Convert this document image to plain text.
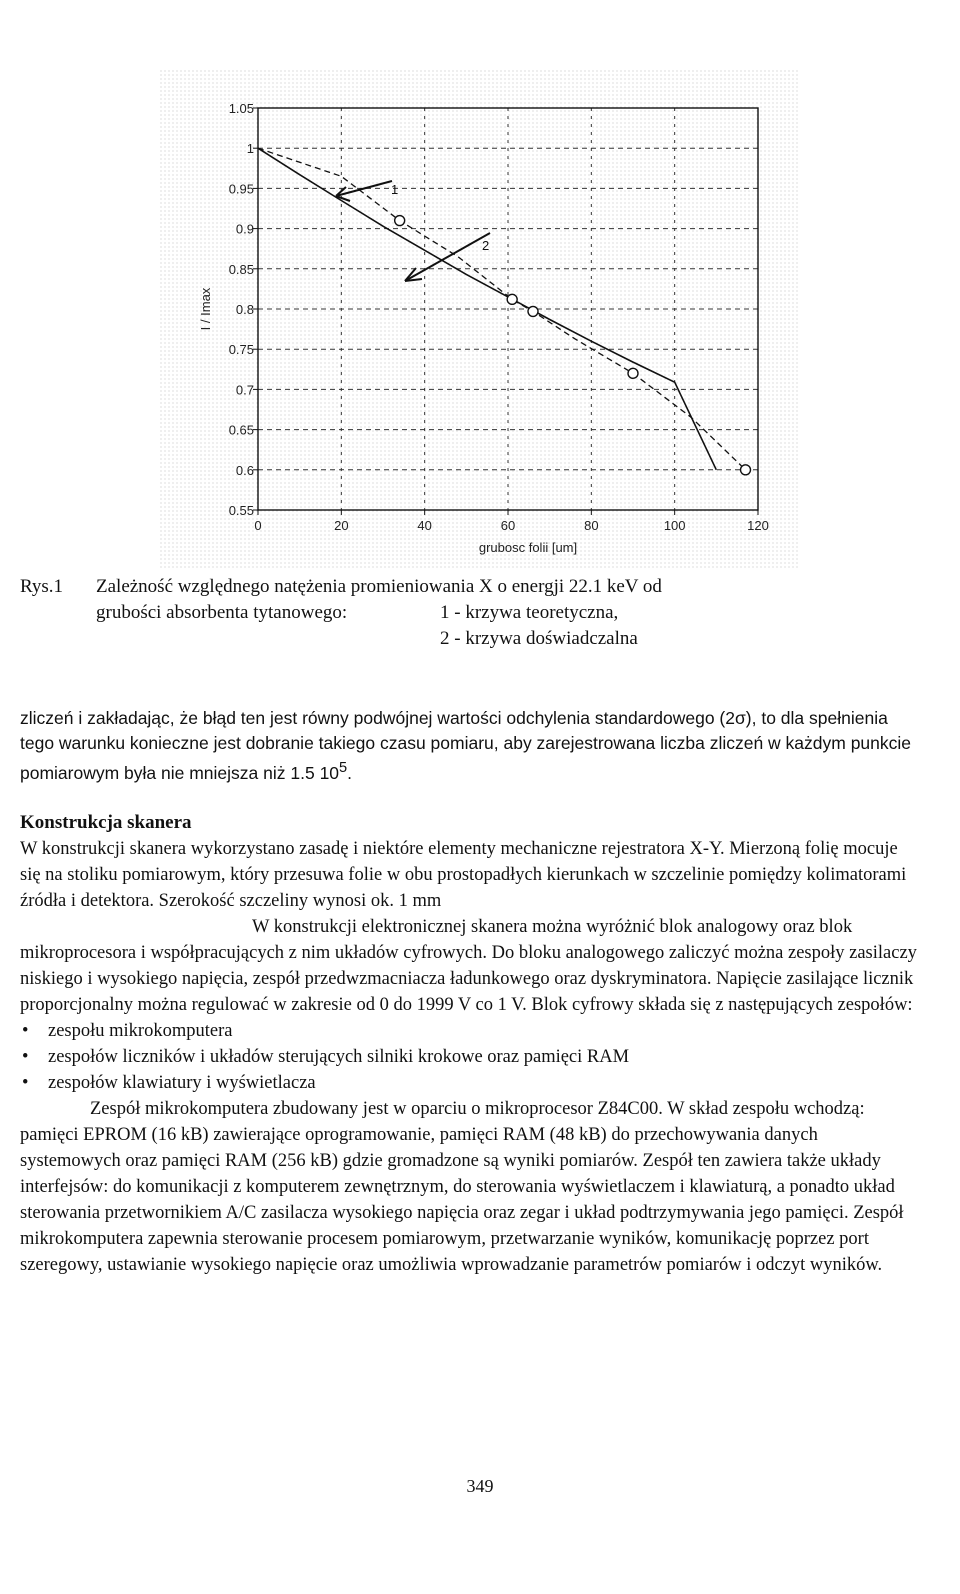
0.55
0.6
0.65
0.7
0.75
0.8
0.85
0.9
0.95
1
1.05
0	20	40	60	80	100	120
1
2
grubosc folii [um]
I / Imax
Rys.1 Zależność względnego natężenia promieniowania X o energji 22.1 keV od
grubości absorbenta tytanowego:	1 - krzywa teoretyczna,
2 - krzywa doświadczalna

zliczeń i zakładając, że błąd ten jest równy podwójnej wartości odchylenia standardowego (2σ), to dla spełnienia tego warunku konieczne jest dobranie takiego czasu pomiaru, aby zarejestrowana liczba zliczeń w każdym punkcie pomiarowym była nie mniejsza niż 1.5 $10^5$.

Konstrukcja skanera

W konstrukcji skanera wykorzystano zasadę i niektóre elementy mechaniczne rejestratora X-Y. Mierzoną folię mocuje się na stoliku pomiarowym, który przesuwa folie w obu prostopadłych kierunkach w szczelinie pomiędzy kolimatorami źródła i detektora. Szerokość szczeliny wynosi ok. 1 mm

W konstrukcji elektronicznej skanera można wyróżnić blok analogowy oraz blok mikroprocesora i współpracujących z nim układów cyfrowych. Do bloku analogowego zaliczyć można zespoły zasilaczy niskiego i wysokiego napięcia, zespół przedwzmacniacza ładunkowego oraz dyskryminatora. Napięcie zasilające licznik proporcjonalny można regulować w zakresie od 0 do 1999 V co 1 V. Blok cyfrowy składa się z następujących zespołów:

• zespołu mikrokomputera
• zespołów liczników i układów sterujących silniki krokowe oraz pamięci RAM
• zespołów klawiatury i wyświetlacza

Zespół mikrokomputera zbudowany jest w oparciu o mikroprocesor Z84C00. W skład zespołu wchodzą: pamięci EPROM (16 kB) zawierające oprogramowanie, pamięci RAM (48 kB) do przechowywania danych systemowych oraz pamięci RAM (256 kB) gdzie gromadzone są wyniki pomiarów. Zespół ten zawiera także układy interfejsów: do komunikacji z komputerem zewnętrznym, do sterowania wyświetlaczem i klawiaturą, a ponadto układ sterowania przetwornikiem A/C zasilacza wysokiego napięcia oraz zegar i układ podtrzymywania jego pamięci. Zespół mikrokomputera zapewnia sterowanie procesem pomiarowym, przetwarzanie wyników, komunikację poprzez port szeregowy, ustawianie wysokiego napięcie oraz umożliwia wprowadzanie parametrów pomiarów i odczyt wyników.

349
